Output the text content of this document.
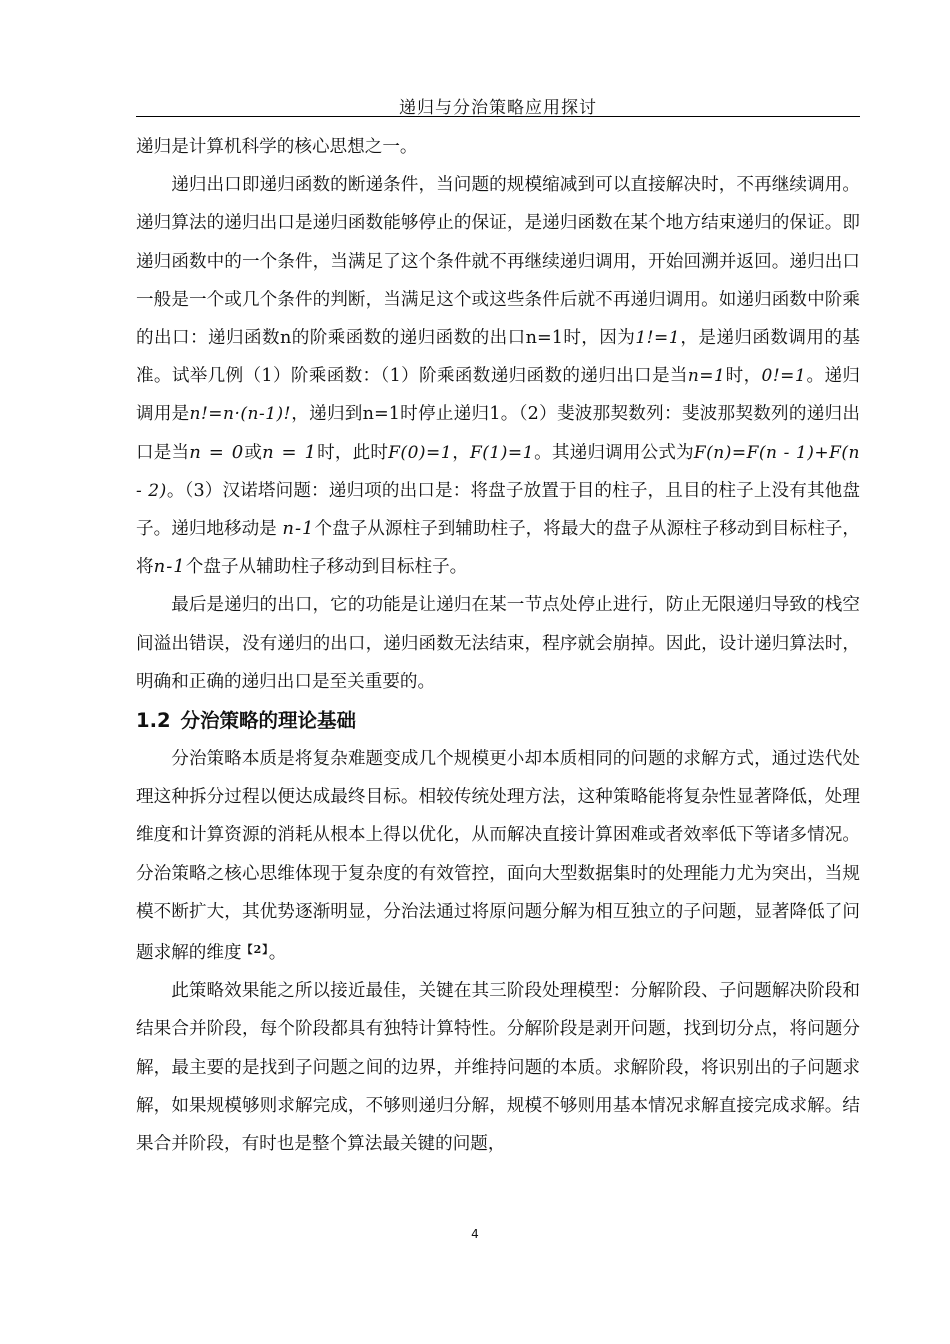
递归与分治策略应用探讨

递归是计算机科学的核心思想之一。

递归出口即递归函数的断递条件，当问题的规模缩减到可以直接解决时，不再继续调用。递归算法的递归出口是递归函数能够停止的保证，是递归函数在某个地方结束递归的保证。即递归函数中的一个条件，当满足了这个条件就不再继续递归调用，开始回溯并返回。递归出口一般是一个或几个条件的判断，当满足这个或这些条件后就不再递归调用。如递归函数中阶乘的出口：递归函数n的阶乘函数的递归函数的出口n=1时，因为1!=1，是递归函数调用的基准。试举几例（1）阶乘函数：（1）阶乘函数递归函数的递归出口是当n=1时，0!=1。递归调用是n!=n·(n-1)!，递归到n=1时停止递归1。（2）斐波那契数列：斐波那契数列的递归出口是当n = 0或n = 1时，此时F(0)=1，F(1)=1。其递归调用公式为F(n)=F(n - 1)+F(n - 2)。（3）汉诺塔问题：递归项的出口是：将盘子放置于目的柱子，且目的柱子上没有其他盘子。递归地移动是 n-1个盘子从源柱子到辅助柱子，将最大的盘子从源柱子移动到目标柱子，将n-1个盘子从辅助柱子移动到目标柱子。

最后是递归的出口，它的功能是让递归在某一节点处停止进行，防止无限递归导致的栈空间溢出错误，没有递归的出口，递归函数无法结束，程序就会崩掉。因此，设计递归算法时，明确和正确的递归出口是至关重要的。

1.2 分治策略的理论基础

分治策略本质是将复杂难题变成几个规模更小却本质相同的问题的求解方式，通过迭代处理这种拆分过程以便达成最终目标。相较传统处理方法，这种策略能将复杂性显著降低，处理维度和计算资源的消耗从根本上得以优化，从而解决直接计算困难或者效率低下等诸多情况。分治策略之核心思维体现于复杂度的有效管控，面向大型数据集时的处理能力尤为突出，当规模不断扩大，其优势逐渐明显，分治法通过将原问题分解为相互独立的子问题，显著降低了问题求解的维度$^{【2】}$。

此策略效果能之所以接近最佳，关键在其三阶段处理模型：分解阶段、子问题解决阶段和结果合并阶段，每个阶段都具有独特计算特性。分解阶段是剥开问题，找到切分点，将问题分解，最主要的是找到子问题之间的边界，并维持问题的本质。求解阶段，将识别出的子问题求解，如果规模够则求解完成，不够则递归分解，规模不够则用基本情况求解直接完成求解。结果合并阶段，有时也是整个算法最关键的问题，

4
